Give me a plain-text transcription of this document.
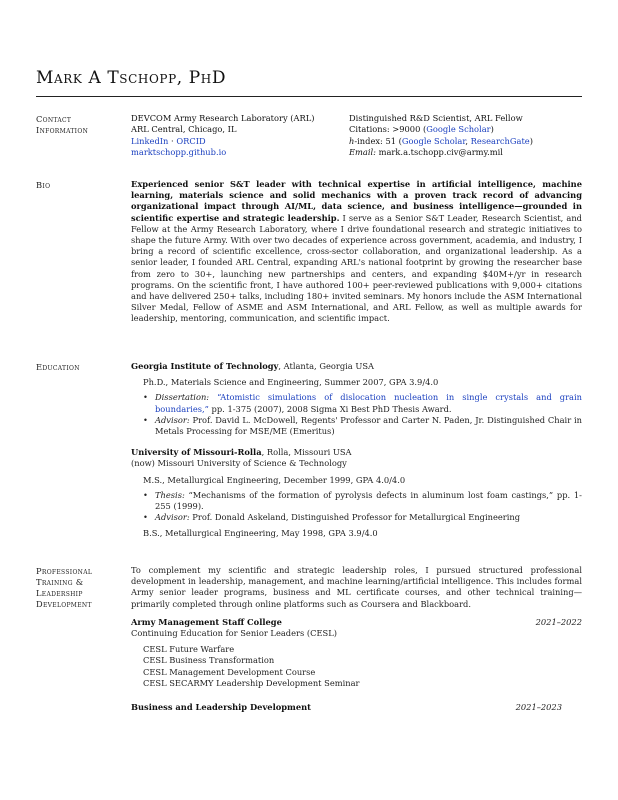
Mark A Tschopp, PhD
Contact
Information
DEVCOM Army Research Laboratory (ARL)
ARL Central, Chicago, IL
LinkedIn · ORCID
marktschopp.github.io
Distinguished R&D Scientist, ARL Fellow
Citations: >9000 (Google Scholar)
h-index: 51 (Google Scholar, ResearchGate)
Email: mark.a.tschopp.civ@army.mil
Bio	Experienced senior S&T leader with technical expertise in artificial intelligence, machine learning, materials science and solid mechanics with a proven track record of advancing organizational impact through AI/ML, data science, and business intelligence—grounded in scientific expertise and strategic leadership. I serve as a Senior S&T Leader, Research Scientist, and Fellow at the Army Research Laboratory, where I drive foundational research and strategic initiatives to shape the future Army. With over two decades of experience across government, academia, and industry, I bring a record of scientific excellence, cross-sector collaboration, and organizational leadership. As a senior leader, I founded ARL Central, expanding ARL's national footprint by growing the researcher base from zero to 30+, launching new partnerships and centers, and expanding $40M+/yr in research programs. On the scientific front, I have authored 100+ peer-reviewed publications with 9,000+ citations and have delivered 250+ talks, including 180+ invited seminars. My honors include the ASM International Silver Medal, Fellow of ASME and ASM International, and ARL Fellow, as well as multiple awards for leadership, mentoring, communication, and scientific impact.
Education	Georgia Institute of Technology, Atlanta, Georgia USA
Ph.D., Materials Science and Engineering, Summer 2007, GPA 3.9/4.0
• Dissertation: “Atomistic simulations of dislocation nucleation in single crystals and grain boundaries,” pp. 1-375 (2007), 2008 Sigma Xi Best PhD Thesis Award.
• Advisor: Prof. David L. McDowell, Regents' Professor and Carter N. Paden, Jr. Distinguished Chair in Metals Processing for MSE/ME (Emeritus)
University of Missouri-Rolla, Rolla, Missouri USA
(now) Missouri University of Science & Technology
M.S., Metallurgical Engineering, December 1999, GPA 4.0/4.0
• Thesis: “Mechanisms of the formation of pyrolysis defects in aluminum lost foam castings,” pp. 1-255 (1999).
• Advisor: Prof. Donald Askeland, Distinguished Professor for Metallurgical Engineering
B.S., Metallurgical Engineering, May 1998, GPA 3.9/4.0
Professional
Training &
Leadership
Development
To complement my scientific and strategic leadership roles, I pursued structured professional development in leadership, management, and machine learning/artificial intelligence. This includes formal Army senior leader programs, business and ML certificate courses, and other technical training—primarily completed through online platforms such as Coursera and Blackboard.
Army Management Staff College	2021–2022
Continuing Education for Senior Leaders (CESL)
CESL Future Warfare
CESL Business Transformation
CESL Management Development Course
CESL SECARMY Leadership Development Seminar
Business and Leadership Development	2021–2023
